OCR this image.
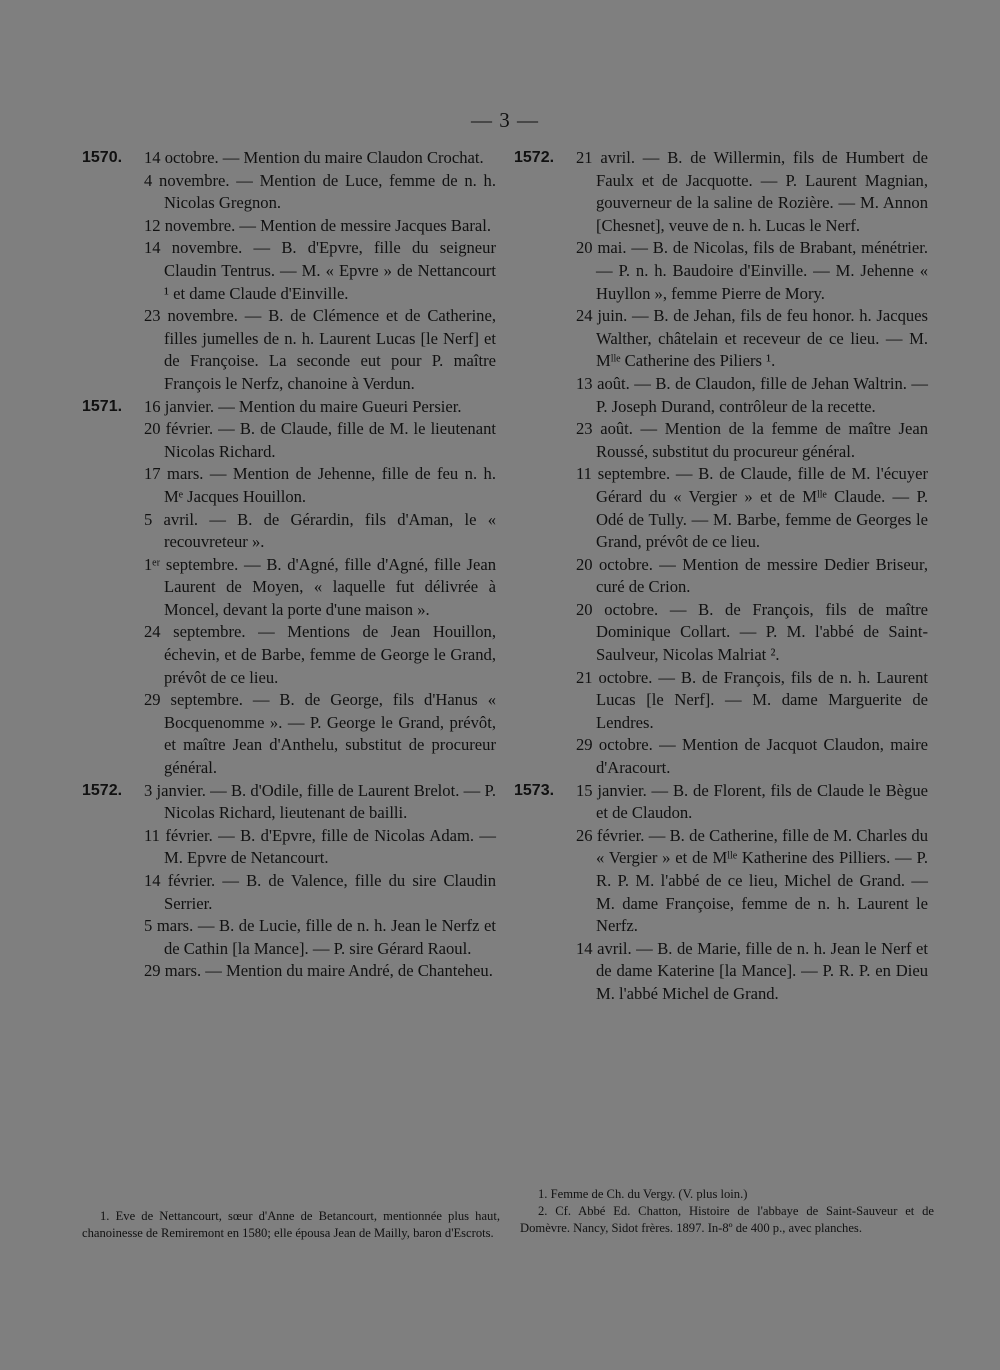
— 3 —
1570. 14 octobre. — Mention du maire Claudon Crochat.
4 novembre. — Mention de Luce, femme de n. h. Nicolas Gregnon.
12 novembre. — Mention de messire Jacques Baral.
14 novembre. — B. d'Epvre, fille du seigneur Claudin Tentrus. — M. « Epvre » de Nettancourt ¹ et dame Claude d'Einville.
23 novembre. — B. de Clémence et de Catherine, filles jumelles de n. h. Laurent Lucas [le Nerf] et de Françoise. La seconde eut pour P. maître François le Nerfz, chanoine à Verdun.
1571. 16 janvier. — Mention du maire Gueuri Persier.
20 février. — B. de Claude, fille de M. le lieutenant Nicolas Richard.
17 mars. — Mention de Jehenne, fille de feu n. h. Mᵉ Jacques Houillon.
5 avril. — B. de Gérardin, fils d'Aman, le « recouvreteur ».
1ᵉʳ septembre. — B. d'Agné, fille d'Agné, fille Jean Laurent de Moyen, « laquelle fut délivrée à Moncel, devant la porte d'une maison ».
24 septembre. — Mentions de Jean Houillon, échevin, et de Barbe, femme de George le Grand, prévôt de ce lieu.
29 septembre. — B. de George, fils d'Hanus « Bocquenomme ». — P. George le Grand, prévôt, et maître Jean d'Anthelu, substitut de procureur général.
1572. 3 janvier. — B. d'Odile, fille de Laurent Brelot. — P. Nicolas Richard, lieutenant de bailli.
11 février. — B. d'Epvre, fille de Nicolas Adam. — M. Epvre de Netancourt.
14 février. — B. de Valence, fille du sire Claudin Serrier.
5 mars. — B. de Lucie, fille de n. h. Jean le Nerfz et de Cathin [la Mance]. — P. sire Gérard Raoul.
29 mars. — Mention du maire André, de Chanteheu.
1572. 21 avril. — B. de Willermin, fils de Humbert de Faulx et de Jacquotte. — P. Laurent Magnian, gouverneur de la saline de Rozière. — M. Annon [Chesnet], veuve de n. h. Lucas le Nerf.
20 mai. — B. de Nicolas, fils de Brabant, ménétrier. — P. n. h. Baudoire d'Einville. — M. Jehenne « Huyllon », femme Pierre de Mory.
24 juin. — B. de Jehan, fils de feu honor. h. Jacques Walther, châtelain et receveur de ce lieu. — M. Mˡˡᵉ Catherine des Piliers ¹.
13 août. — B. de Claudon, fille de Jehan Waltrin. — P. Joseph Durand, contrôleur de la recette.
23 août. — Mention de la femme de maître Jean Roussé, substitut du procureur général.
11 septembre. — B. de Claude, fille de M. l'écuyer Gérard du « Vergier » et de Mˡˡᵉ Claude. — P. Odé de Tully. — M. Barbe, femme de Georges le Grand, prévôt de ce lieu.
20 octobre. — Mention de messire Dedier Briseur, curé de Crion.
20 octobre. — B. de François, fils de maître Dominique Collart. — P. M. l'abbé de Saint-Saulveur, Nicolas Malriat ².
21 octobre. — B. de François, fils de n. h. Laurent Lucas [le Nerf]. — M. dame Marguerite de Lendres.
29 octobre. — Mention de Jacquot Claudon, maire d'Aracourt.
1573. 15 janvier. — B. de Florent, fils de Claude le Bègue et de Claudon.
26 février. — B. de Catherine, fille de M. Charles du « Vergier » et de Mˡˡᵉ Katherine des Pilliers. — P. R. P. M. l'abbé de ce lieu, Michel de Grand. — M. dame Françoise, femme de n. h. Laurent le Nerfz.
14 avril. — B. de Marie, fille de n. h. Jean le Nerf et de dame Katerine [la Mance]. — P. R. P. en Dieu M. l'abbé Michel de Grand.

1. Eve de Nettancourt, sœur d'Anne de Betancourt, mentionnée plus haut, chanoinesse de Remiremont en 1580; elle épousa Jean de Mailly, baron d'Escrots.

1. Femme de Ch. du Vergy. (V. plus loin.)

2. Cf. Abbé Ed. Chatton, Histoire de l'abbaye de Saint-Sauveur et de Domèvre. Nancy, Sidot frères. 1897. In-8º de 400 p., avec planches.
